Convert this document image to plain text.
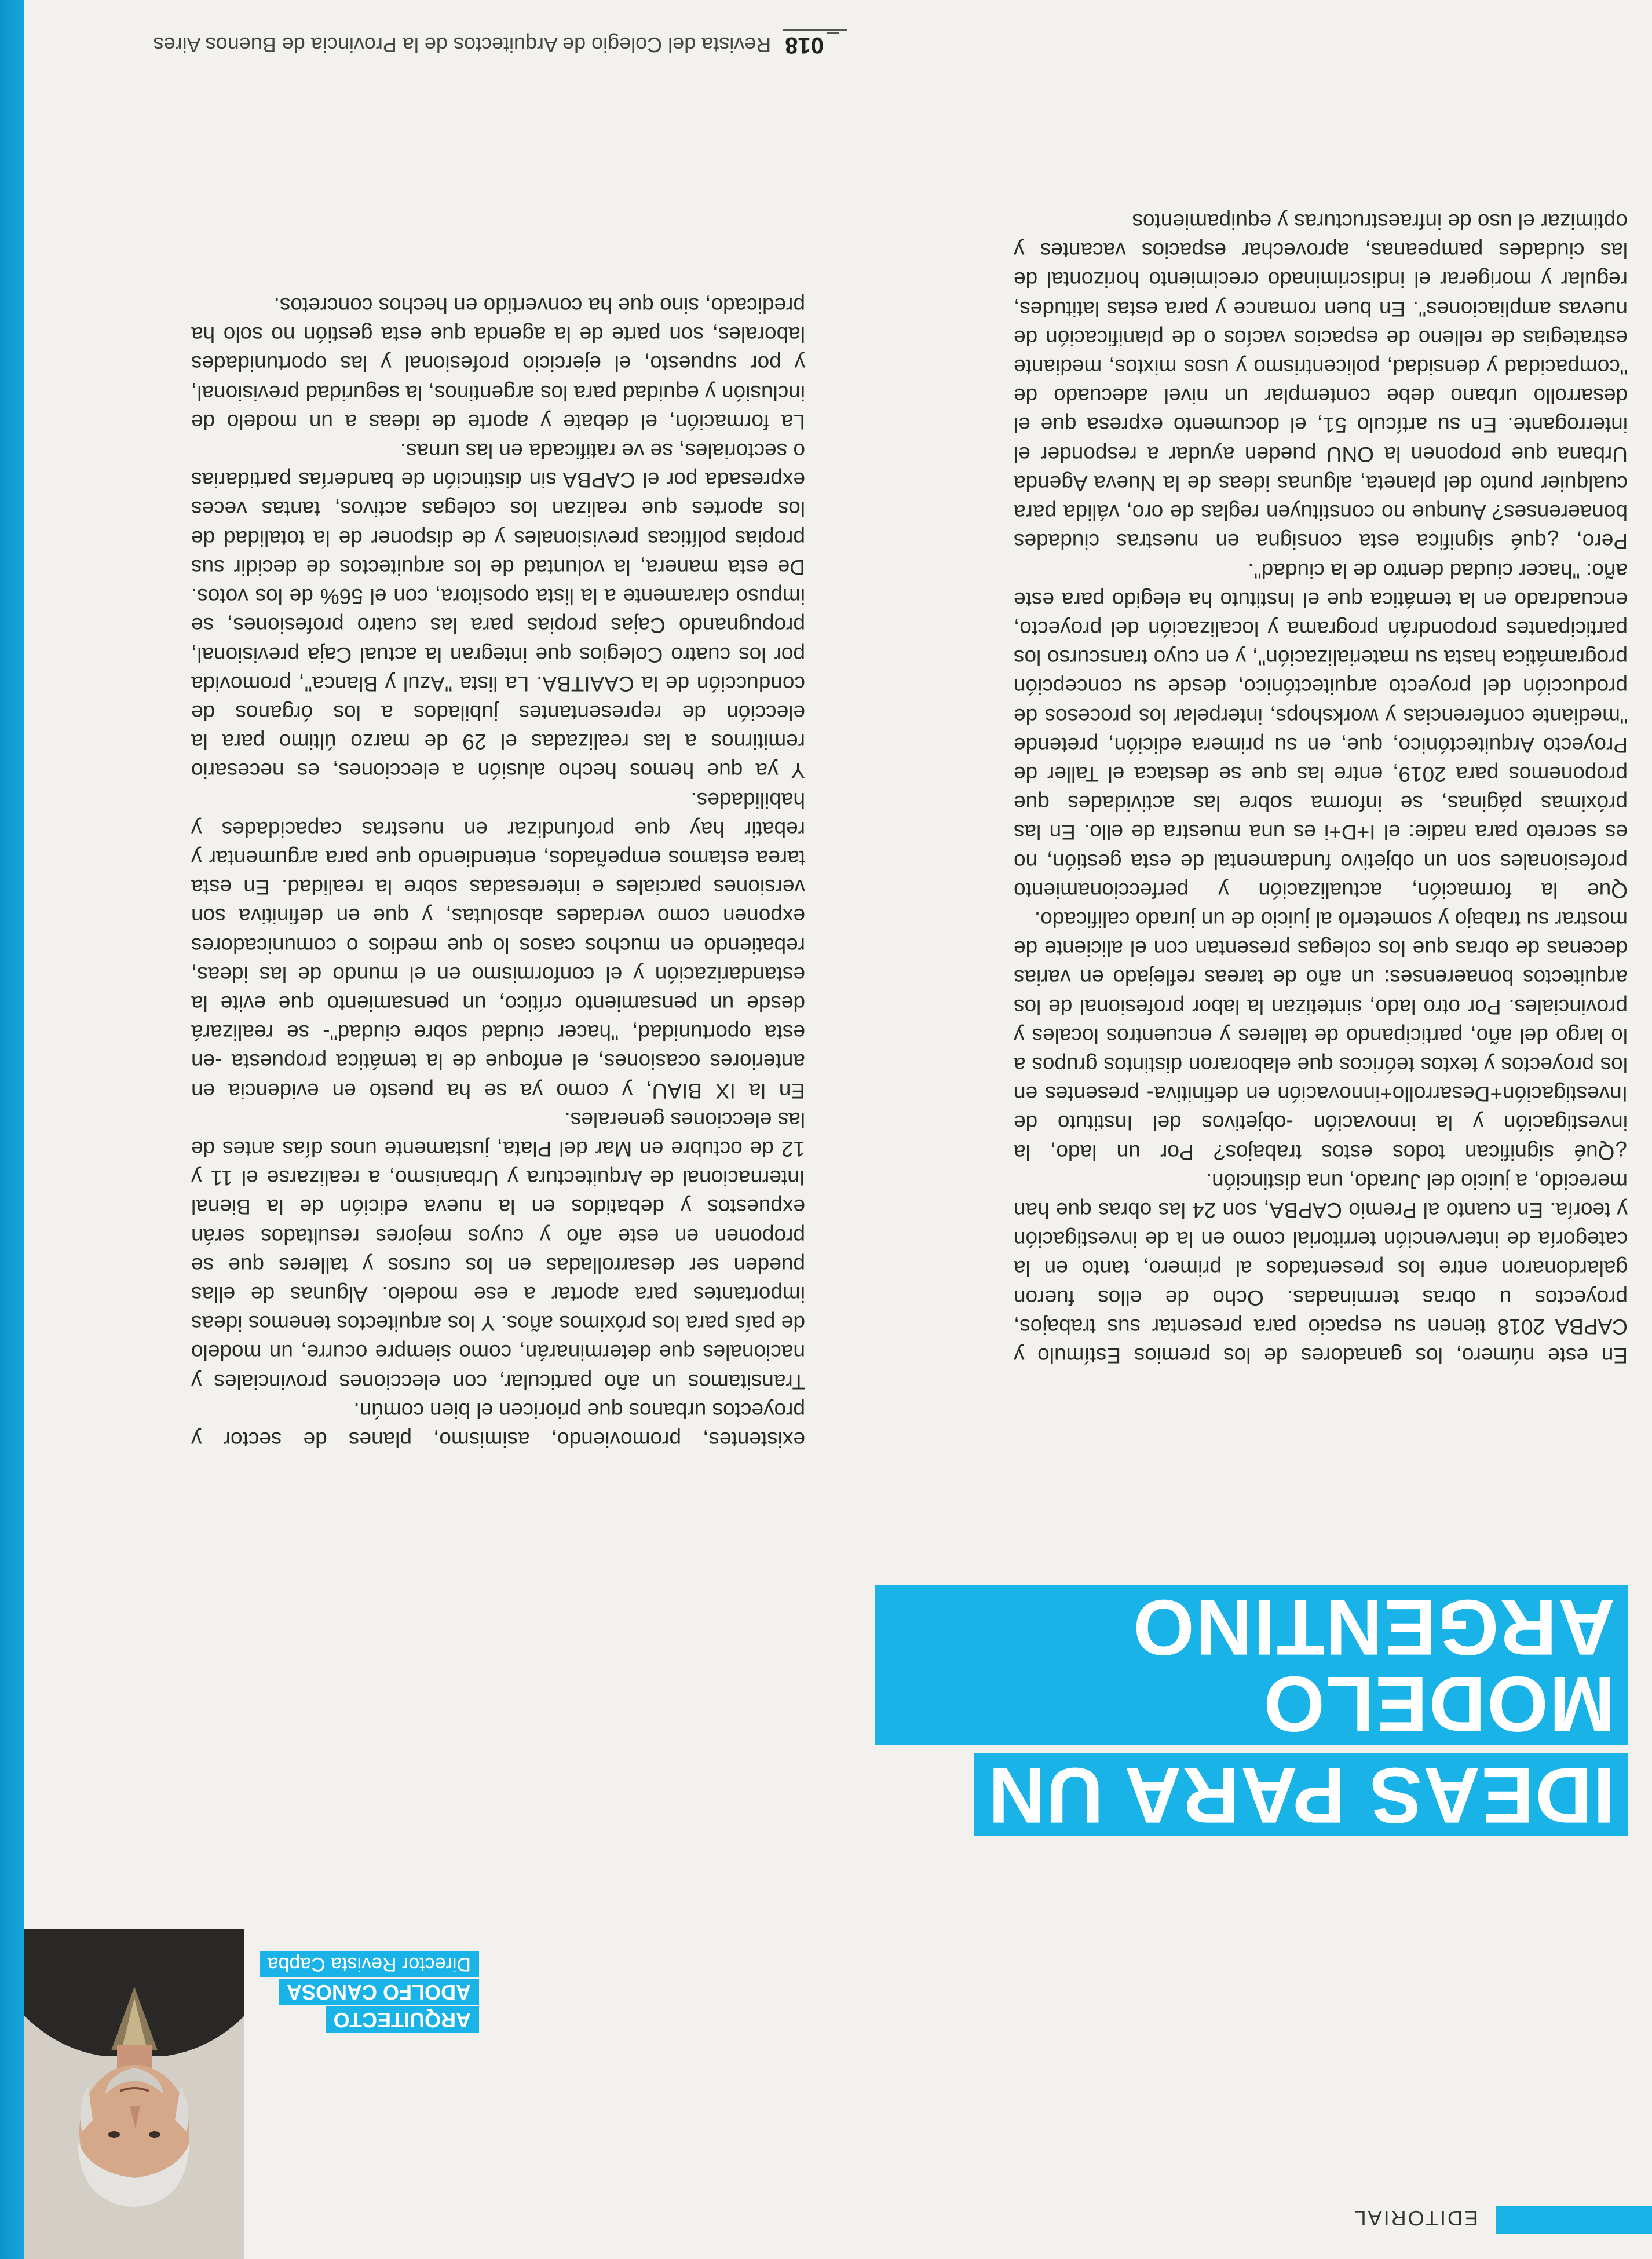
EDITORIAL
ARQUITECTO
ADOLFO CANOSA
Director Revista Capba
IDEAS PARA UN
MODELO ARGENTINO

En este número, los ganadores de los premios Estímulo y CAPBA 2018 tienen su espacio para presentar sus trabajos, proyectos u obras terminadas. Ocho de ellos fueron galardonaron entre los presentados al primero, tanto en la categoría de intervención territorial como en la de investigación y teoría. En cuanto al Premio CAPBA, son 24 las obras que han merecido, a juicio del Jurado, una distinción.

¿Qué significan todos estos trabajos? Por un lado, la investigación y la innovación -objetivos del Instituto de Investigación+Desarrollo+innovación en definitiva- presentes en los proyectos y textos teóricos que elaboraron distintos grupos a lo largo del año, participando de talleres y encuentros locales y provinciales. Por otro lado, sintetizan la labor profesional de los arquitectos bonaerenses: un año de tareas reflejado en varias decenas de obras que los colegas presentan con el aliciente de mostrar su trabajo y someterlo al juicio de un jurado calificado.

Que la formación, actualización y perfeccionamiento profesionales son un objetivo fundamental de esta gestión, no es secreto para nadie: el I+D+i es una muestra de ello. En las próximas páginas, se informa sobre las actividades que proponemos para 2019, entre las que se destaca el Taller de Proyecto Arquitectónico, que, en su primera edición, pretende "mediante conferencias y workshops, interpelar los procesos de producción del proyecto arquitectónico, desde su concepción programática hasta su materialización", y en cuyo transcurso los participantes propondrán programa y localización del proyecto, encuadrado en la temática que el Instituto ha elegido para este año: "hacer ciudad dentro de la ciudad".

Pero, ¿qué significa esta consigna en nuestras ciudades bonaerenses? Aunque no constituyen reglas de oro, válida para cualquier punto del planeta, algunas ideas de la Nueva Agenda Urbana que proponen la ONU pueden ayudar a responder el interrogante. En su artículo 51, el documento expresa que el desarrollo urbano debe contemplar un nivel adecuado de "compacidad y densidad, policentrismo y usos mixtos, mediante estrategias de relleno de espacios vacíos o de planificación de nuevas ampliaciones". En buen romance y para estas latitudes, regular y morigerar el indiscriminado crecimiento horizontal de las ciudades pampeanas, aprovechar espacios vacantes y optimizar el uso de infraestructuras y equipamientos

existentes, promoviendo, asimismo, planes de sector y proyectos urbanos que prioricen el bien común.

Transitamos un año particular, con elecciones provinciales y nacionales que determinarán, como siempre ocurre, un modelo de país para los próximos años. Y los arquitectos tenemos ideas importantes para aportar a ese modelo. Algunas de ellas pueden ser desarrolladas en los cursos y talleres que se proponen en este año y cuyos mejores resultados serán expuestos y debatidos en la nueva edición de la Bienal Internacional de Arquitectura y Urbanismo, a realizarse el 11 y 12 de octubre en Mar del Plata, justamente unos días antes de las elecciones generales.

En la IX BIAU, y como ya se ha puesto en evidencia en anteriores ocasiones, el enfoque de la temática propuesta -en esta oportunidad, "hacer ciudad sobre ciudad"- se realizará desde un pensamiento crítico, un pensamiento que evite la estandarización y el conformismo en el mundo de las ideas, rebatiendo en muchos casos lo que medios o comunicadores exponen como verdades absolutas, y que en definitiva son versiones parciales e interesadas sobre la realidad. En esta tarea estamos empeñados, entendiendo que para argumentar y rebatir hay que profundizar en nuestras capacidades y habilidades.

Y ya que hemos hecho alusión a elecciones, es necesario remitirnos a las realizadas el 29 de marzo último para la elección de representantes jubilados a los órganos de conducción de la CAAITBA. La lista "Azul y Blanca", promovida por los cuatro Colegios que integran la actual Caja previsional, propugnando Cajas propias para las cuatro profesiones, se impuso claramente a la lista opositora, con el 56% de los votos. De esta manera, la voluntad de los arquitectos de decidir sus propias políticas previsionales y de disponer de la totalidad de los aportes que realizan los colegas activos, tantas veces expresada por el CAPBA sin distinción de banderías partidarias o sectoriales, se ve ratificada en las urnas.

La formación, el debate y aporte de ideas a un modelo de inclusión y equidad para los argentinos, la seguridad previsional, y por supuesto, el ejercicio profesional y las oportunidades laborales, son parte de la agenda que esta gestión no solo ha predicado, sino que ha convertido en hechos concretos.

018
Revista del Colegio de Arquitectos de la Provincia de Buenos Aires
